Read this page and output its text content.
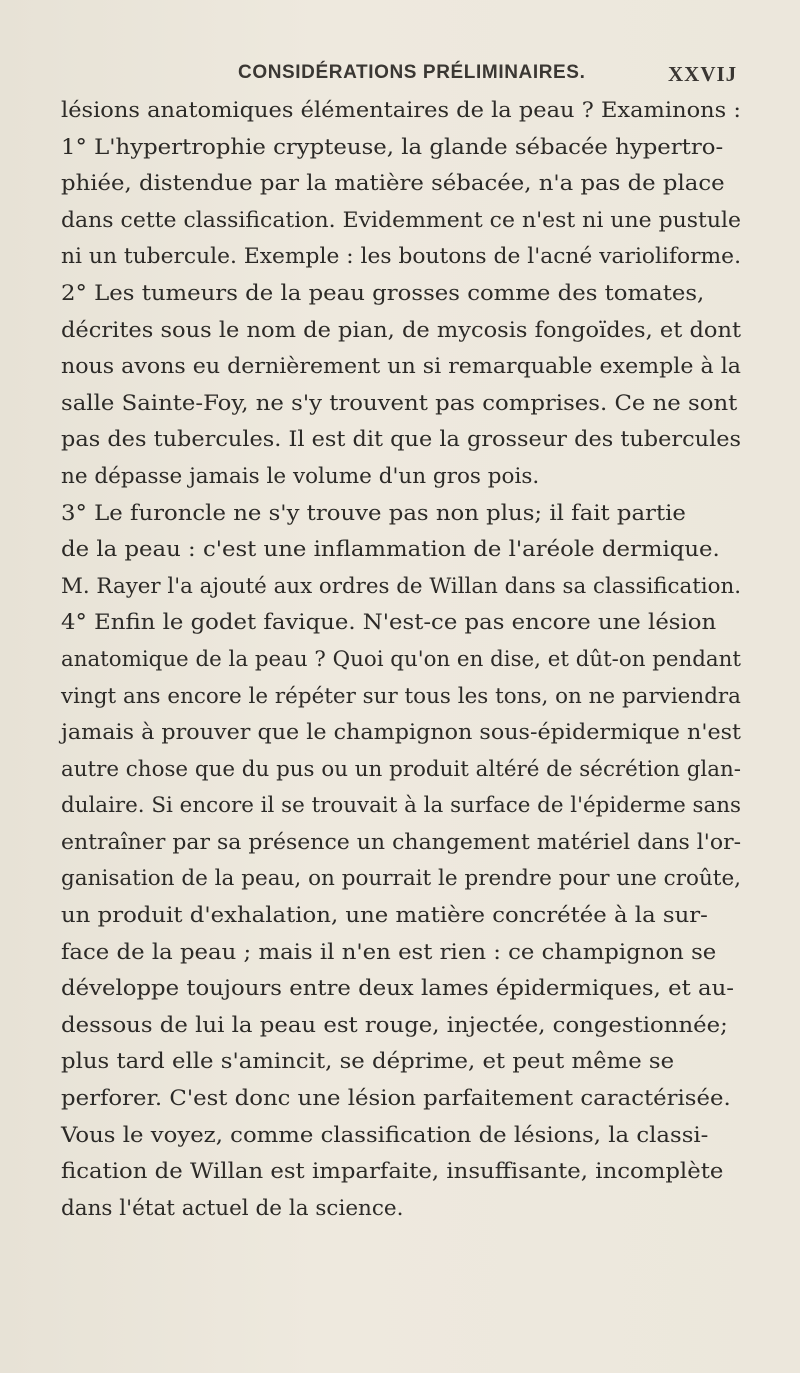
CONSIDÉRATIONS PRÉLIMINAIRES.	XXVIJ
lésions anatomiques élémentaires de la peau ? Examinons :
1° L'hypertrophie crypteuse, la glande sébacée hypertro-
phiée, distendue par la matière sébacée, n'a pas de place
dans cette classification. Evidemment ce n'est ni une pustule
ni un tubercule. Exemple : les boutons de l'acné varioliforme.
2° Les tumeurs de la peau grosses comme des tomates,
décrites sous le nom de pian, de mycosis fongoïdes, et dont
nous avons eu dernièrement un si remarquable exemple à la
salle Sainte-Foy, ne s'y trouvent pas comprises. Ce ne sont
pas des tubercules. Il est dit que la grosseur des tubercules
ne dépasse jamais le volume d'un gros pois.
3° Le furoncle ne s'y trouve pas non plus; il fait partie
de la peau : c'est une inflammation de l'aréole dermique.
M. Rayer l'a ajouté aux ordres de Willan dans sa classification.
4° Enfin le godet favique. N'est-ce pas encore une lésion
anatomique de la peau ? Quoi qu'on en dise, et dût-on pendant
vingt ans encore le répéter sur tous les tons, on ne parviendra
jamais à prouver que le champignon sous-épidermique n'est
autre chose que du pus ou un produit altéré de sécrétion glan-
dulaire. Si encore il se trouvait à la surface de l'épiderme sans
entraîner par sa présence un changement matériel dans l'or-
ganisation de la peau, on pourrait le prendre pour une croûte,
un produit d'exhalation, une matière concrétée à la sur-
face de la peau ; mais il n'en est rien : ce champignon se
développe toujours entre deux lames épidermiques, et au-
dessous de lui la peau est rouge, injectée, congestionnée;
plus tard elle s'amincit, se déprime, et peut même se
perforer. C'est donc une lésion parfaitement caractérisée.
Vous le voyez, comme classification de lésions, la classi-
fication de Willan est imparfaite, insuffisante, incomplète
dans l'état actuel de la science.
